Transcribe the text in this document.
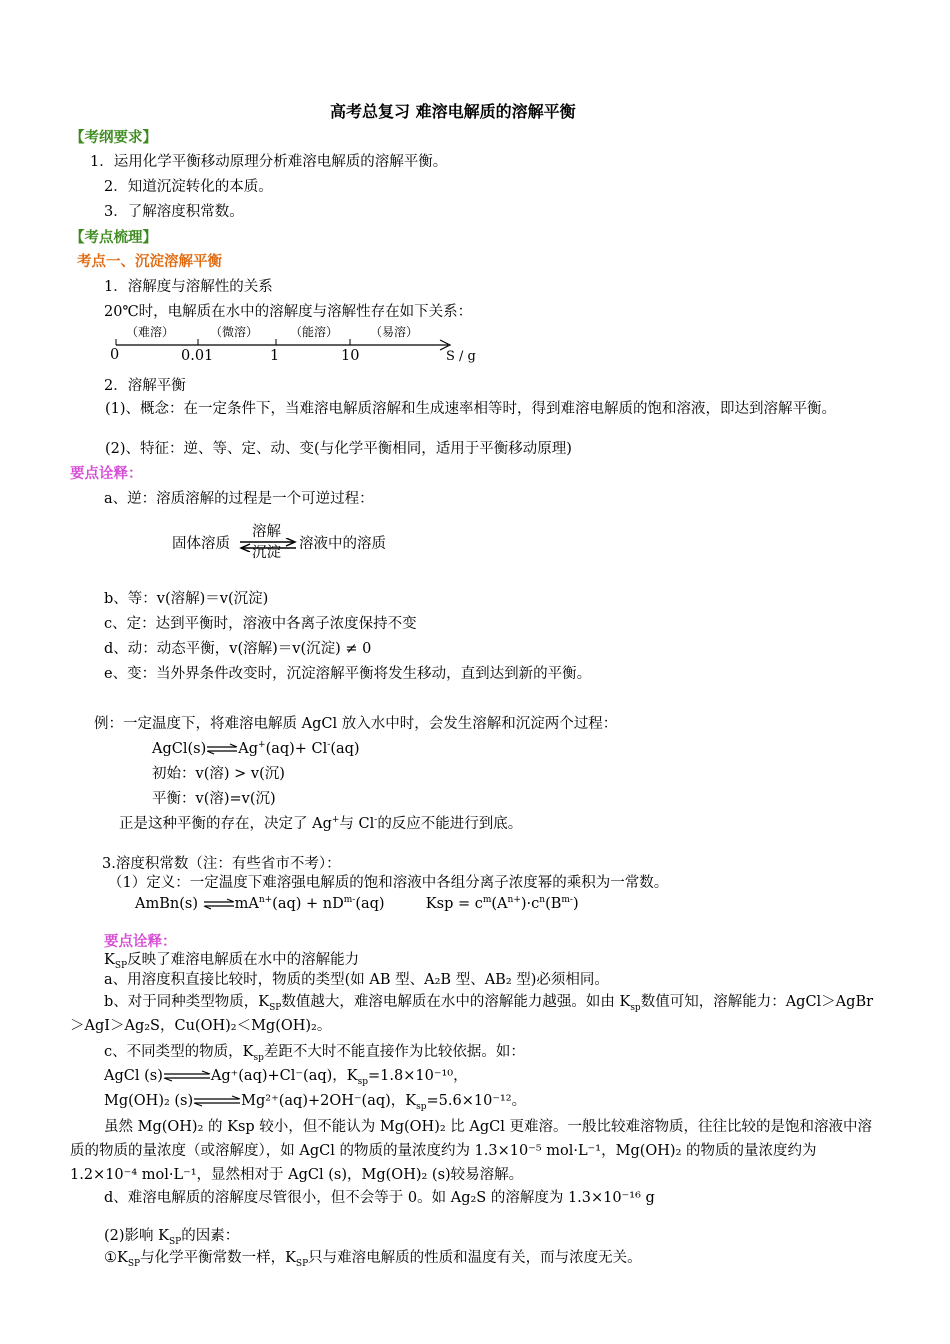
高考总复习 难溶电解质的溶解平衡
【考纲要求】
1．运用化学平衡移动原理分析难溶电解质的溶解平衡。
2．知道沉淀转化的本质。
3．了解溶度积常数。
【考点梳理】
考点一、沉淀溶解平衡
1．溶解度与溶解性的关系
20℃时，电解质在水中的溶解度与溶解性存在如下关系：
（难溶）	（微溶）	（能溶）	（易溶）
0	0.01	1	10	S / g
2．溶解平衡
(1)、概念：在一定条件下，当难溶电解质溶解和生成速率相等时，得到难溶电解质的饱和溶液，即达到溶解平衡。
(2)、特征：逆、等、定、动、变(与化学平衡相同，适用于平衡移动原理)
要点诠释：
a、逆：溶质溶解的过程是一个可逆过程：
固体溶质
溶解
沉淀
溶液中的溶质
b、等：v(溶解)＝v(沉淀)
c、定：达到平衡时，溶液中各离子浓度保持不变
d、动：动态平衡，v(溶解)＝v(沉淀) ≠ 0
e、变：当外界条件改变时，沉淀溶解平衡将发生移动，直到达到新的平衡。
例：一定温度下，将难溶电解质 AgCl 放入水中时，会发生溶解和沉淀两个过程：
AgCl(s)⇌Ag+(aq)+ Cl-(aq)
初始：v(溶) > v(沉)
平衡：v(溶)=v(沉)
正是这种平衡的存在，决定了 Ag+与 Cl-的反应不能进行到底。
3.溶度积常数（注：有些省市不考）：
（1）定义：一定温度下难溶强电解质的饱和溶液中各组分离子浓度幂的乘积为一常数。
AmBn(s) $\rightleftharpoons mA^{n+}(aq) + nD^{m-}(aq)$	Ksp = $c^m(A^{n+})\cdot c^n(B^{m-})$
要点诠释：
$K_{SP}$反映了难溶电解质在水中的溶解能力
a、用溶度积直接比较时，物质的类型(如 AB 型、A₂B 型、AB₂ 型)必须相同。
b、对于同种类型物质，$K_{SP}$数值越大，难溶电解质在水中的溶解能力越强。如由 $K_{sp}$数值可知，溶解能力：AgCl＞AgBr＞AgI＞Ag₂S，Cu(OH)₂＜Mg(OH)₂。
c、不同类型的物质，$K_{sp}$差距不大时不能直接作为比较依据。如：
AgCl (s)⇌Ag⁺(aq)+Cl⁻(aq)，$K_{sp}=1.8\times 10^{-10}$，
Mg(OH)₂ (s)⇌Mg²⁺(aq)+2OH⁻(aq)，$K_{sp}=5.6\times 10^{-12}$。
虽然 Mg(OH)₂ 的 Ksp 较小，但不能认为 Mg(OH)₂ 比 AgCl 更难溶。一般比较难溶物质，往往比较的是饱和溶液中溶质的物质的量浓度（或溶解度），如 AgCl 的物质的量浓度约为 1.3×10⁻⁵ mol·L⁻¹，Mg(OH)₂ 的物质的量浓度约为 1.2×10⁻⁴ mol·L⁻¹，显然相对于 AgCl (s)，Mg(OH)₂ (s)较易溶解。
d、难溶电解质的溶解度尽管很小，但不会等于 0。如 Ag₂S 的溶解度为 1.3×10⁻¹⁶ g
(2)影响 $K_{SP}$的因素：
$①K_{SP}$与化学平衡常数一样，$K_{SP}$只与难溶电解质的性质和温度有关，而与浓度无关。
